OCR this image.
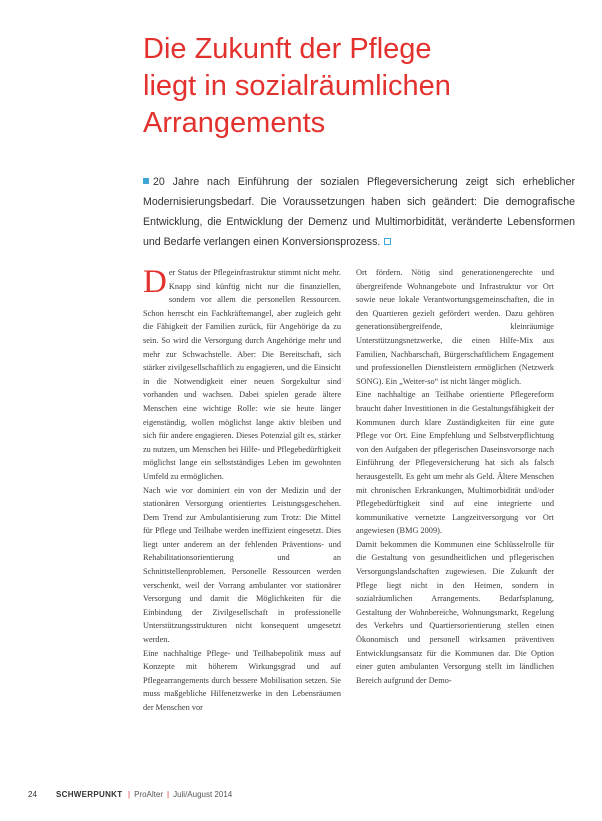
Die Zukunft der Pflege
liegt in sozialräumlichen
Arrangements

20 Jahre nach Einführung der sozialen Pflegeversicherung zeigt sich erheblicher Modernisierungsbedarf. Die Voraussetzungen haben sich geändert: Die demografische Entwicklung, die Entwicklung der Demenz und Multimorbidität, veränderte Lebensformen und Bedarfe verlangen einen Konversionsprozess.

Der Status der Pflegeinfrastruktur stimmt nicht mehr. Knapp sind künftig nicht nur die finanziellen, sondern vor allem die personellen Ressourcen. Schon herrscht ein Fachkräftemangel, aber zugleich geht die Fähigkeit der Familien zurück, für Angehörige da zu sein. So wird die Versorgung durch Angehörige mehr und mehr zur Schwachstelle. Aber: Die Bereitschaft, sich stärker zivilgesellschaftlich zu engagieren, und die Einsicht in die Notwendigkeit einer neuen Sorgekultur sind vorhanden und wachsen. Dabei spielen gerade ältere Menschen eine wichtige Rolle: wie sie heute länger eigenständig, wollen möglichst lange aktiv bleiben und sich für andere engagieren. Dieses Potenzial gilt es, stärker zu nutzen, um Menschen bei Hilfe- und Pflegebedürftigkeit möglichst lange ein selbstständiges Leben im gewohnten Umfeld zu ermöglichen.

Nach wie vor dominiert ein von der Medizin und der stationären Versorgung orientiertes Leistungsgeschehen. Dem Trend zur Ambulantisierung zum Trotz: Die Mittel für Pflege und Teilhabe werden ineffizient eingesetzt. Dies liegt unter anderem an der fehlenden Präventions- und Rehabilitationsorientierung und an Schnittstellenproblemen. Personelle Ressourcen werden verschenkt, weil der Vorrang ambulanter vor stationärer Versorgung und damit die Möglichkeiten für die Einbindung der Zivilgesellschaft in professionelle Unterstützungsstrukturen nicht konsequent umgesetzt werden.

Eine nachhaltige Pflege- und Teilhabepolitik muss auf Konzepte mit höherem Wirkungsgrad und auf Pflegearrangements durch bessere Mobilisation setzen. Sie muss maßgebliche Hilfenetzwerke in den Lebensräumen der Menschen vor

Ort fördern. Nötig sind generationengerechte und übergreifende Wohnangebote und Infrastruktur vor Ort sowie neue lokale Verantwortungsgemeinschaften, die in den Quartieren gezielt gefördert werden. Dazu gehören generationsübergreifende, kleinräumige Unterstützungsnetzwerke, die einen Hilfe-Mix aus Familien, Nachbarschaft, Bürgerschaftlichem Engagement und professionellen Dienstleistern ermöglichen (Netzwerk SONG). Ein „Weiter-so“ ist nicht länger möglich.

Eine nachhaltige an Teilhabe orientierte Pflegereform braucht daher Investitionen in die Gestaltungsfähigkeit der Kommunen durch klare Zuständigkeiten für eine gute Pflege vor Ort. Eine Empfehlung und Selbstverpflichtung von den Aufgaben der pflegerischen Daseinsvorsorge nach Einführung der Pflegeversicherung hat sich als falsch herausgestellt. Es geht um mehr als Geld. Ältere Menschen mit chronischen Erkrankungen, Multimorbidität und/oder Pflegebedürftigkeit sind auf eine integrierte und kommunikative vernetzte Langzeitversorgung vor Ort angewiesen (BMG 2009).

Damit bekommen die Kommunen eine Schlüsselrolle für die Gestaltung von gesundheitlichen und pflegerischen Versorgungslandschaften zugewiesen. Die Zukunft der Pflege liegt nicht in den Heimen, sondern in sozialräumlichen Arrangements. Bedarfsplanung, Gestaltung der Wohnbereiche, Wohnungsmarkt, Regelung des Verkehrs und Quartiersorientierung stellen einen Ökonomisch und personell wirksamen präventiven Entwicklungsansatz für die Kommunen dar. Die Option einer guten ambulanten Versorgung stellt im ländlichen Bereich aufgrund der Demo-

24 SCHWERPUNKT | ProAlter | Juli/August 2014
